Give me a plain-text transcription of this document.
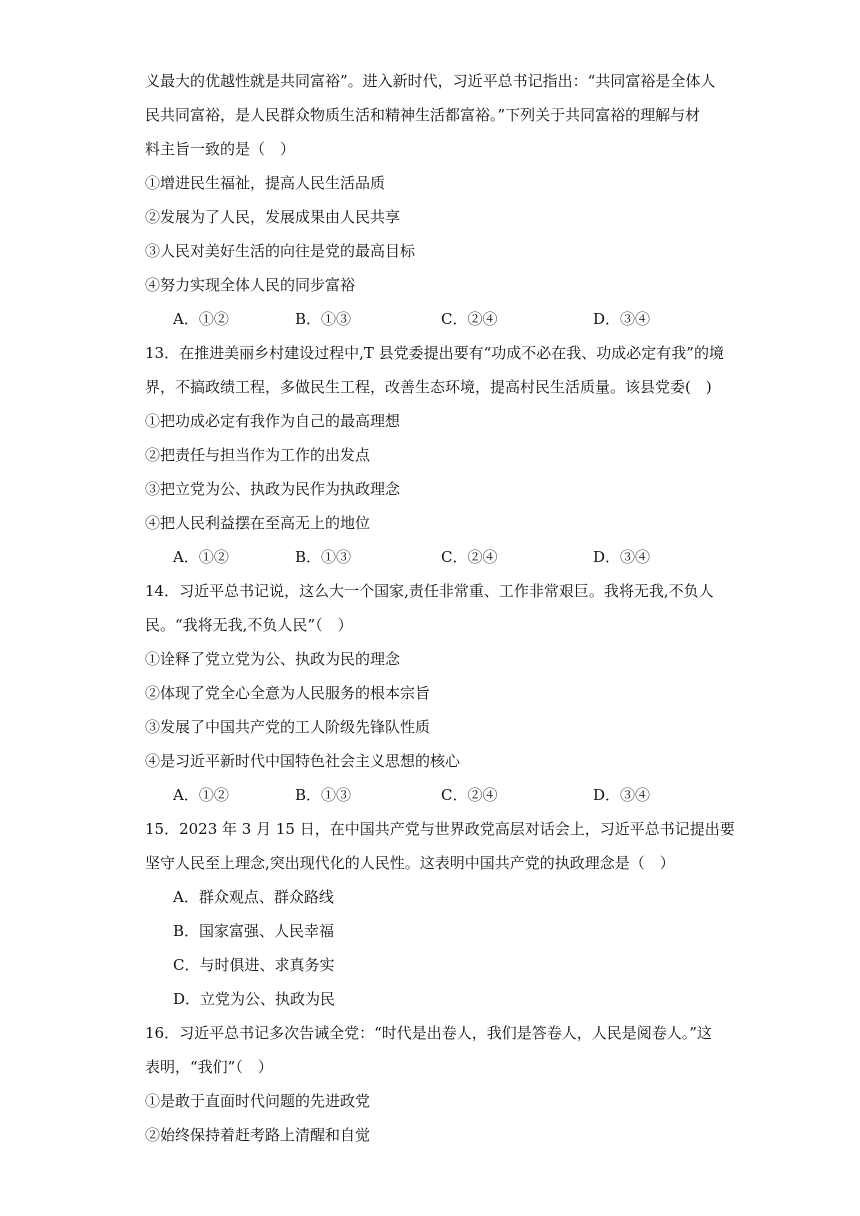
义最大的优越性就是共同富裕”。进入新时代，习近平总书记指出：“共同富裕是全体人
民共同富裕，是人民群众物质生活和精神生活都富裕。”下列关于共同富裕的理解与材
料主旨一致的是（　）
①增进民生福祉，提高人民生活品质
②发展为了人民，发展成果由人民共享
③人民对美好生活的向往是党的最高目标
④努力实现全体人民的同步富裕
A．①②	B．①③	C．②④	D．③④
13．在推进美丽乡村建设过程中,T 县党委提出要有“功成不必在我、功成必定有我”的境
界，不搞政绩工程，多做民生工程，改善生态环境，提高村民生活质量。该县党委(　)
①把功成必定有我作为自己的最高理想
②把责任与担当作为工作的出发点
③把立党为公、执政为民作为执政理念
④把人民利益摆在至高无上的地位
A．①②	B．①③	C．②④	D．③④
14．习近平总书记说，这么大一个国家,责任非常重、工作非常艰巨。我将无我,不负人
民。“我将无我,不负人民”（　）
①诠释了党立党为公、执政为民的理念
②体现了党全心全意为人民服务的根本宗旨
③发展了中国共产党的工人阶级先锋队性质
④是习近平新时代中国特色社会主义思想的核心
A．①②	B．①③	C．②④	D．③④
15．2023 年 3 月 15 日，在中国共产党与世界政党高层对话会上，习近平总书记提出要
坚守人民至上理念,突出现代化的人民性。这表明中国共产党的执政理念是（　）
A．群众观点、群众路线
B．国家富强、人民幸福
C．与时俱进、求真务实
D．立党为公、执政为民
16．习近平总书记多次告诫全党：“时代是出卷人，我们是答卷人，人民是阅卷人。”这
表明，“我们”（　）
①是敢于直面时代问题的先进政党
②始终保持着赶考路上清醒和自觉
